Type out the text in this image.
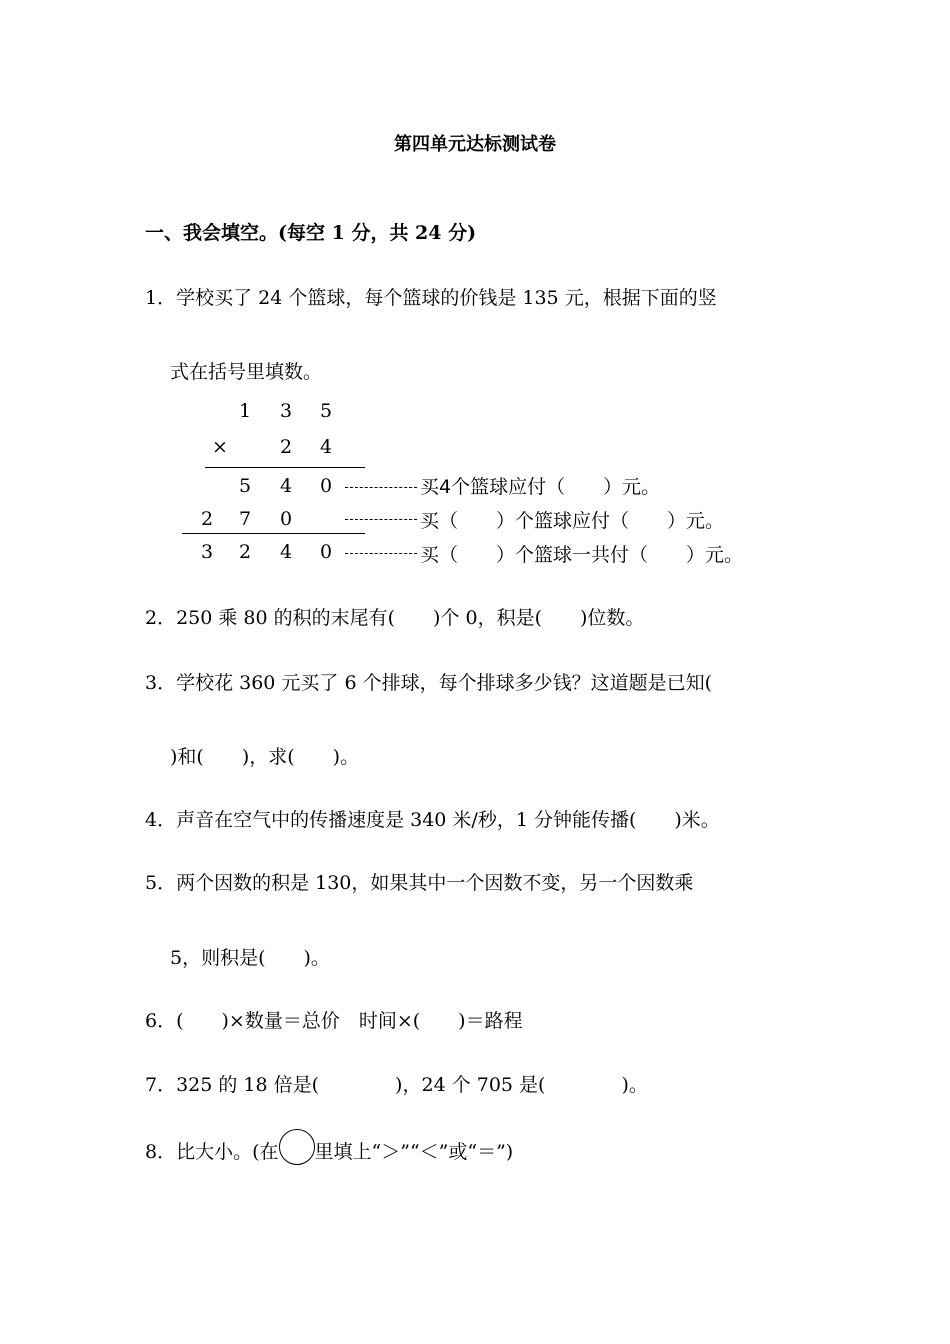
第四单元达标测试卷
一、我会填空。(每空 1 分，共 24 分)
1．学校买了 24 个篮球，每个篮球的价钱是 135 元，根据下面的竖
式在括号里填数。
1 3 5
×	2 4
5 4 0
2 7 0
3 2 4 0
买4个篮球应付（　　）元。
买（　　）个篮球应付（　　）元。
买（　　）个篮球一共付（　　）元。
2．250 乘 80 的积的末尾有(　　)个 0，积是(　　)位数。
3．学校花 360 元买了 6 个排球，每个排球多少钱？这道题是已知(
)和(　　)，求(　　)。
4．声音在空气中的传播速度是 340 米/秒，1 分钟能传播(　　)米。
5．两个因数的积是 130，如果其中一个因数不变，另一个因数乘
5，则积是(　　)。
6．(　　)×数量＝总价　时间×(　　)＝路程
7．325 的 18 倍是(　　　　)，24 个 705 是(　　　　)。
8．比大小。(在 里填上“＞”“＜”或“＝”)
